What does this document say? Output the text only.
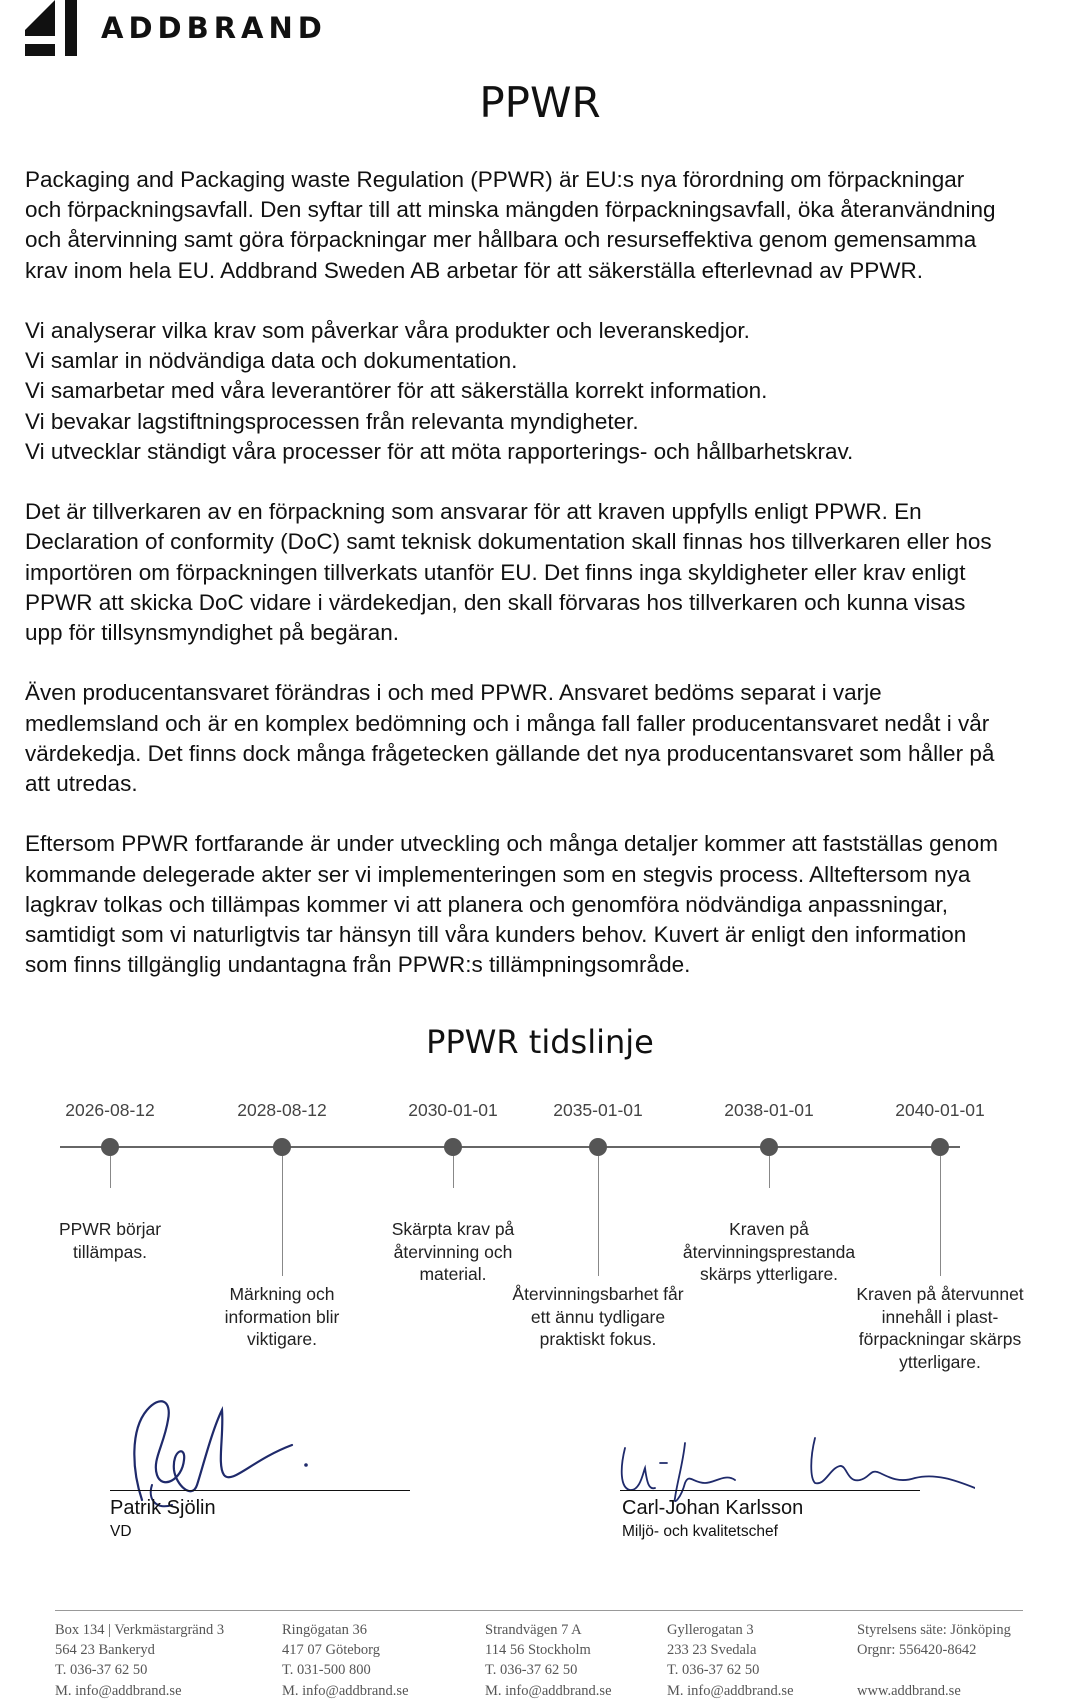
ADDBRAND
PPWR

Packaging and Packaging waste Regulation (PPWR) är EU:s nya förordning om förpackningar
och förpackningsavfall. Den syftar till att minska mängden förpackningsavfall, öka återanvändning
och återvinning samt göra förpackningar mer hållbara och resurseffektiva genom gemensamma
krav inom hela EU. Addbrand Sweden AB arbetar för att säkerställa efterlevnad av PPWR.

Vi analyserar vilka krav som påverkar våra produkter och leveranskedjor.
Vi samlar in nödvändiga data och dokumentation.
Vi samarbetar med våra leverantörer för att säkerställa korrekt information.
Vi bevakar lagstiftningsprocessen från relevanta myndigheter.
Vi utvecklar ständigt våra processer för att möta rapporterings- och hållbarhetskrav.

Det är tillverkaren av en förpackning som ansvarar för att kraven uppfylls enligt PPWR. En
Declaration of conformity (DoC) samt teknisk dokumentation skall finnas hos tillverkaren eller hos
importören om förpackningen tillverkats utanför EU. Det finns inga skyldigheter eller krav enligt
PPWR att skicka DoC vidare i värdekedjan, den skall förvaras hos tillverkaren och kunna visas
upp för tillsynsmyndighet på begäran.

Även producentansvaret förändras i och med PPWR. Ansvaret bedöms separat i varje
medlemsland och är en komplex bedömning och i många fall faller producentansvaret nedåt i vår
värdekedja. Det finns dock många frågetecken gällande det nya producentansvaret som håller på
att utredas.

Eftersom PPWR fortfarande är under utveckling och många detaljer kommer att fastställas genom
kommande delegerade akter ser vi implementeringen som en stegvis process. Allteftersom nya
lagkrav tolkas och tillämpas kommer vi att planera och genomföra nödvändiga anpassningar,
samtidigt som vi naturligtvis tar hänsyn till våra kunders behov. Kuvert är enligt den information
som finns tillgänglig undantagna från PPWR:s tillämpningsområde.

PPWR tidslinje
2026-08-12
PPWR börjar
tillämpas.
2028-08-12
Märkning och
information blir
viktigare.
2030-01-01
Skärpta krav på
återvinning och
material.
2035-01-01
Återvinningsbarhet får
ett ännu tydligare
praktiskt fokus.
2038-01-01
Kraven på
återvinningsprestanda
skärps ytterligare.
2040-01-01
Kraven på återvunnet
innehåll i plast-
förpackningar skärps
ytterligare.
Patrik Sjölin
VD
Carl-Johan Karlsson
Miljö- och kvalitetschef
Box 134 | Verkmästargränd 3
564 23 Bankeryd
T. 036-37 62 50
M. info@addbrand.se
Ringögatan 36
417 07 Göteborg
T. 031-500 800
M. info@addbrand.se
Strandvägen 7 A
114 56 Stockholm
T. 036-37 62 50
M. info@addbrand.se
Gyllerogatan 3
233 23 Svedala
T. 036-37 62 50
M. info@addbrand.se
Styrelsens säte: Jönköping
Orgnr: 556420-8642

www.addbrand.se
